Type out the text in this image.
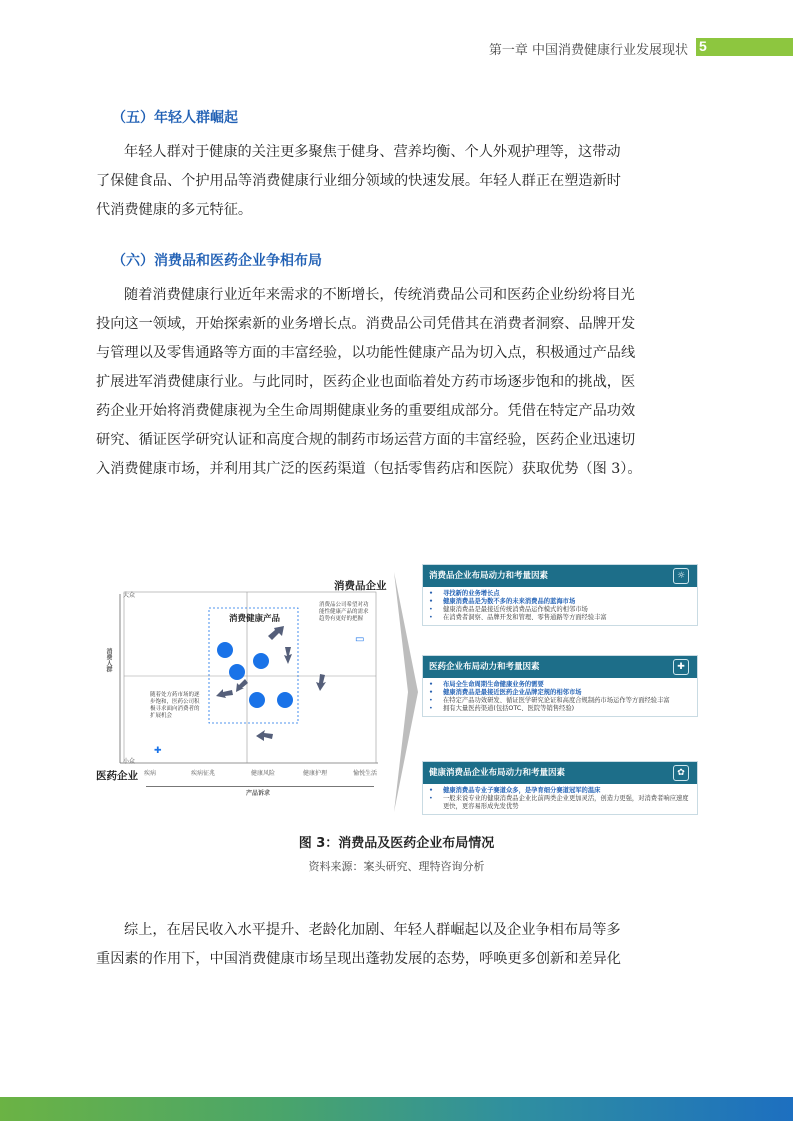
第一章 中国消费健康行业发展现状 5
（五）年轻人群崛起
年轻人群对于健康的关注更多聚焦于健身、营养均衡、个人外观护理等，这带动
了保健食品、个护用品等消费健康行业细分领域的快速发展。年轻人群正在塑造新时
代消费健康的多元特征。
（六）消费品和医药企业争相布局
随着消费健康行业近年来需求的不断增长，传统消费品公司和医药企业纷纷将目光
投向这一领域，开始探索新的业务增长点。消费品公司凭借其在消费者洞察、品牌开发
与管理以及零售通路等方面的丰富经验，以功能性健康产品为切入点，积极通过产品线
扩展进军消费健康行业。与此同时，医药企业也面临着处方药市场逐步饱和的挑战，医
药企业开始将消费健康视为全生命周期健康业务的重要组成部分。凭借在特定产品功效
研究、循证医学研究认证和高度合规的制药市场运营方面的丰富经验，医药企业迅速切
入消费健康市场，并利用其广泛的医药渠道（包括零售药店和医院）获取优势（图 3）。
消费品企业
医药企业
消费健康产品
大众
小众
消费人群
疾病	疾病征兆	健康风险	健康护理	愉悦生活
产品诉求
消费品公司希望对功能性健康产品的需求趋势有更好的把握
▭
随着处方药市场的逐步饱和，医药公司积极寻求面向消费者的扩展机会
✚
消费品企业布局动力和考量因素	☼
•	寻找新的业务增长点
•	健康消费品是为数不多的未来消费品的蓝海市场
•	健康消费品是最接近传统消费品运作模式的相邻市场
•	在消费者洞察、品牌开发和管理、零售通路等方面经验丰富
医药企业布局动力和考量因素	✚
•	布局全生命周期生命健康业务的需要
•	健康消费品是最接近医药企业品牌定规的相邻市场
•	在特定产品功效研发、循证医学研究论证和高度合规制药市场运作等方面经验丰富
•	拥有大量医药渠道(包括OTC、医院等销售经验)
健康消费品企业布局动力和考量因素	✿
•	健康消费品专业子赛道众多，是孕育细分赛道冠军的温床
•	一般来说专业的健康消费品企业比前两类企业更加灵活，创造力更强，对消费者响应速度更快，更容易形成先发优势
图 3：消费品及医药企业布局情况
资料来源：案头研究、理特咨询分析
综上，在居民收入水平提升、老龄化加剧、年轻人群崛起以及企业争相布局等多
重因素的作用下，中国消费健康市场呈现出蓬勃发展的态势，呼唤更多创新和差异化
